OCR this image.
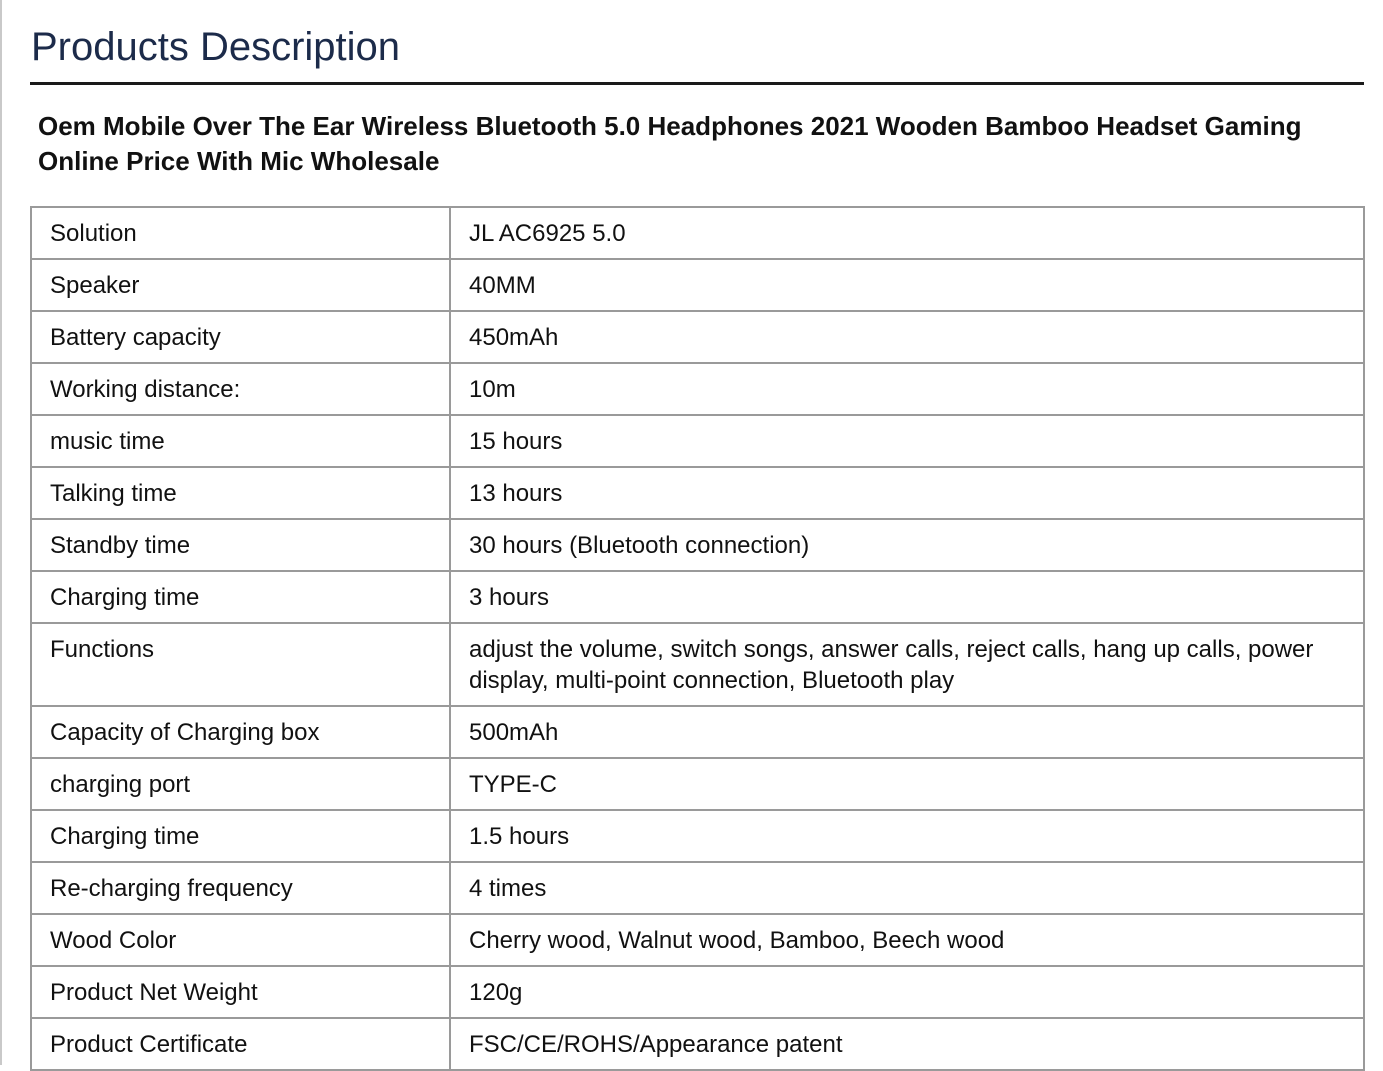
Products Description
Oem Mobile Over The Ear Wireless Bluetooth 5.0 Headphones 2021 Wooden Bamboo Headset Gaming Online Price With Mic Wholesale
Solution	JL AC6925 5.0
Speaker	40MM
Battery capacity	450mAh
Working distance:	10m
music time	15 hours
Talking time	13 hours
Standby time	30 hours (Bluetooth connection)
Charging time	3 hours
Functions	adjust the volume, switch songs, answer calls, reject calls, hang up calls, power display, multi-point connection, Bluetooth play
Capacity of Charging box	500mAh
charging port	TYPE-C
Charging time	1.5 hours
Re-charging frequency	4 times
Wood Color	Cherry wood, Walnut wood, Bamboo, Beech wood
Product Net Weight	120g
Product Certificate	FSC/CE/ROHS/Appearance patent
